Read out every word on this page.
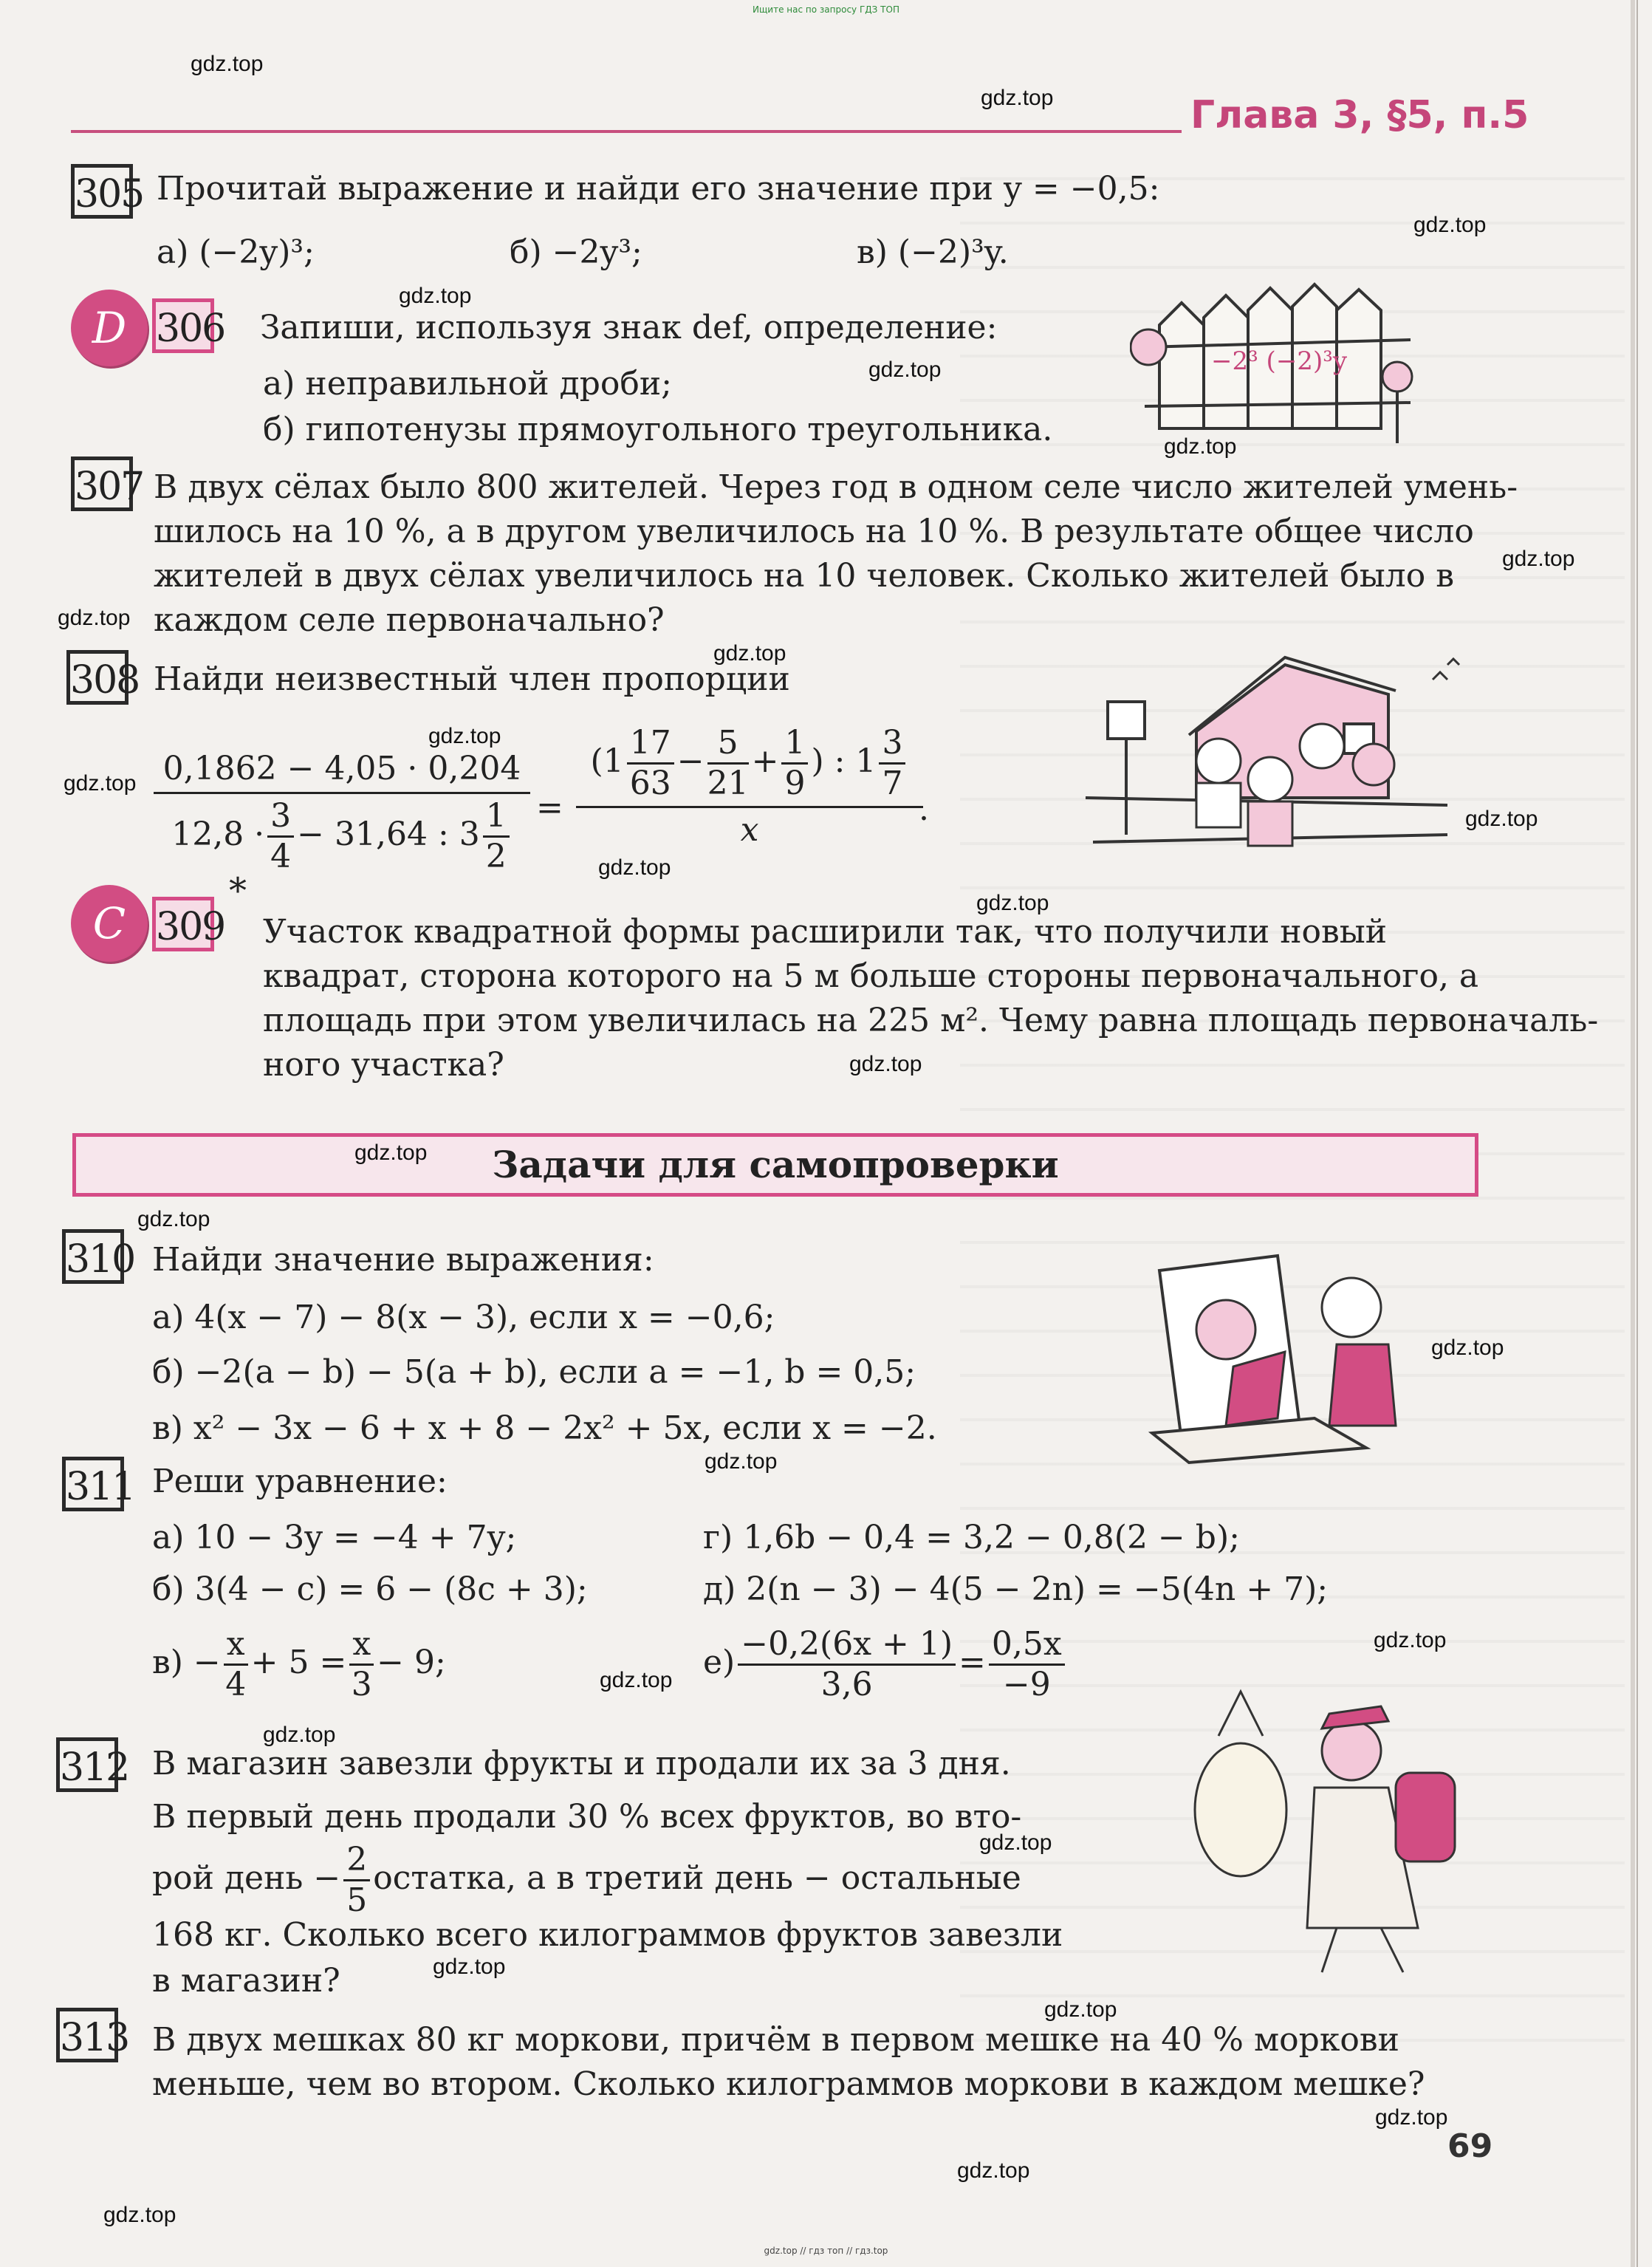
Ищите нас по запросу ГДЗ ТОП
Глава 3, §5, п.5
305 Прочитай выражение и найди его значение при y = −0,5:
а) (−2y)³;	б) −2y³;	в) (−2)³y.
−2³ (−2)³y
D 306 Запиши, используя знак def, определение:
а) неправильной дроби;
б) гипотенузы прямоугольного треугольника.
307 В двух сёлах было 800 жителей. Через год в одном селе число жителей умень-
шилось на 10 %, а в другом увеличилось на 10 %. В результате общее число
жителей в двух сёлах увеличилось на 10 человек. Сколько жителей было в
каждом селе первоначально?
308 Найди неизвестный член пропорции
$\frac{0,1862 - 4,05 \cdot 0,204}{12,8 \cdot \frac{3}{4} - 31,64 : 3 \frac{1}{2}} = \frac{(1 \frac{17}{63} - \frac{5}{21} + \frac{1}{9} ) : 1 \frac{3}{7}}{x}$
.
C 309
*
Участок квадратной формы расширили так, что получили новый
квадрат, сторона которого на 5 м больше стороны первоначального, а
площадь при этом увеличилась на 225 м². Чему равна площадь первоначаль-
ного участка?
Задачи для самопроверки
310 Найди значение выражения:
а) 4(x − 7) − 8(x − 3), если x = −0,6;
б) −2(a − b) − 5(a + b), если a = −1, b = 0,5;
в) x² − 3x − 6 + x + 8 − 2x² + 5x, если x = −2.
311 Реши уравнение:
а) 10 − 3y = −4 + 7y;
б) 3(4 − c) = 6 − (8c + 3);
$в) - \frac{x}{4} + 5 = \frac{x}{3} - 9$;
г) 1,6b − 0,4 = 3,2 − 0,8(2 − b);
д) 2(n − 3) − 4(5 − 2n) = −5(4n + 7);
$е) \frac{-0,2(6x + 1)}{3,6} = \frac{0,5x}{-9}$
312 В магазин завезли фрукты и продали их за 3 дня.
В первый день продали 30 % всех фруктов, во вто-
рой день − $\frac{2}{5}$ остатка, а в третий день − остальные
168 кг. Сколько всего килограммов фруктов завезли
в магазин?
313 В двух мешках 80 кг моркови, причём в первом мешке на 40 % моркови
меньше, чем во втором. Сколько килограммов моркови в каждом мешке?
69
gdz.top
gdz.top
gdz.top
gdz.top
gdz.top
gdz.top
gdz.top
gdz.top
gdz.top
gdz.top
gdz.top
gdz.top
gdz.top
gdz.top
gdz.top
gdz.top
gdz.top
gdz.top
gdz.top
gdz.top
gdz.top
gdz.top
gdz.top
gdz.top
gdz.top
gdz.top
gdz.top
gdz.top
gdz.top // гдз топ // гдз.top
